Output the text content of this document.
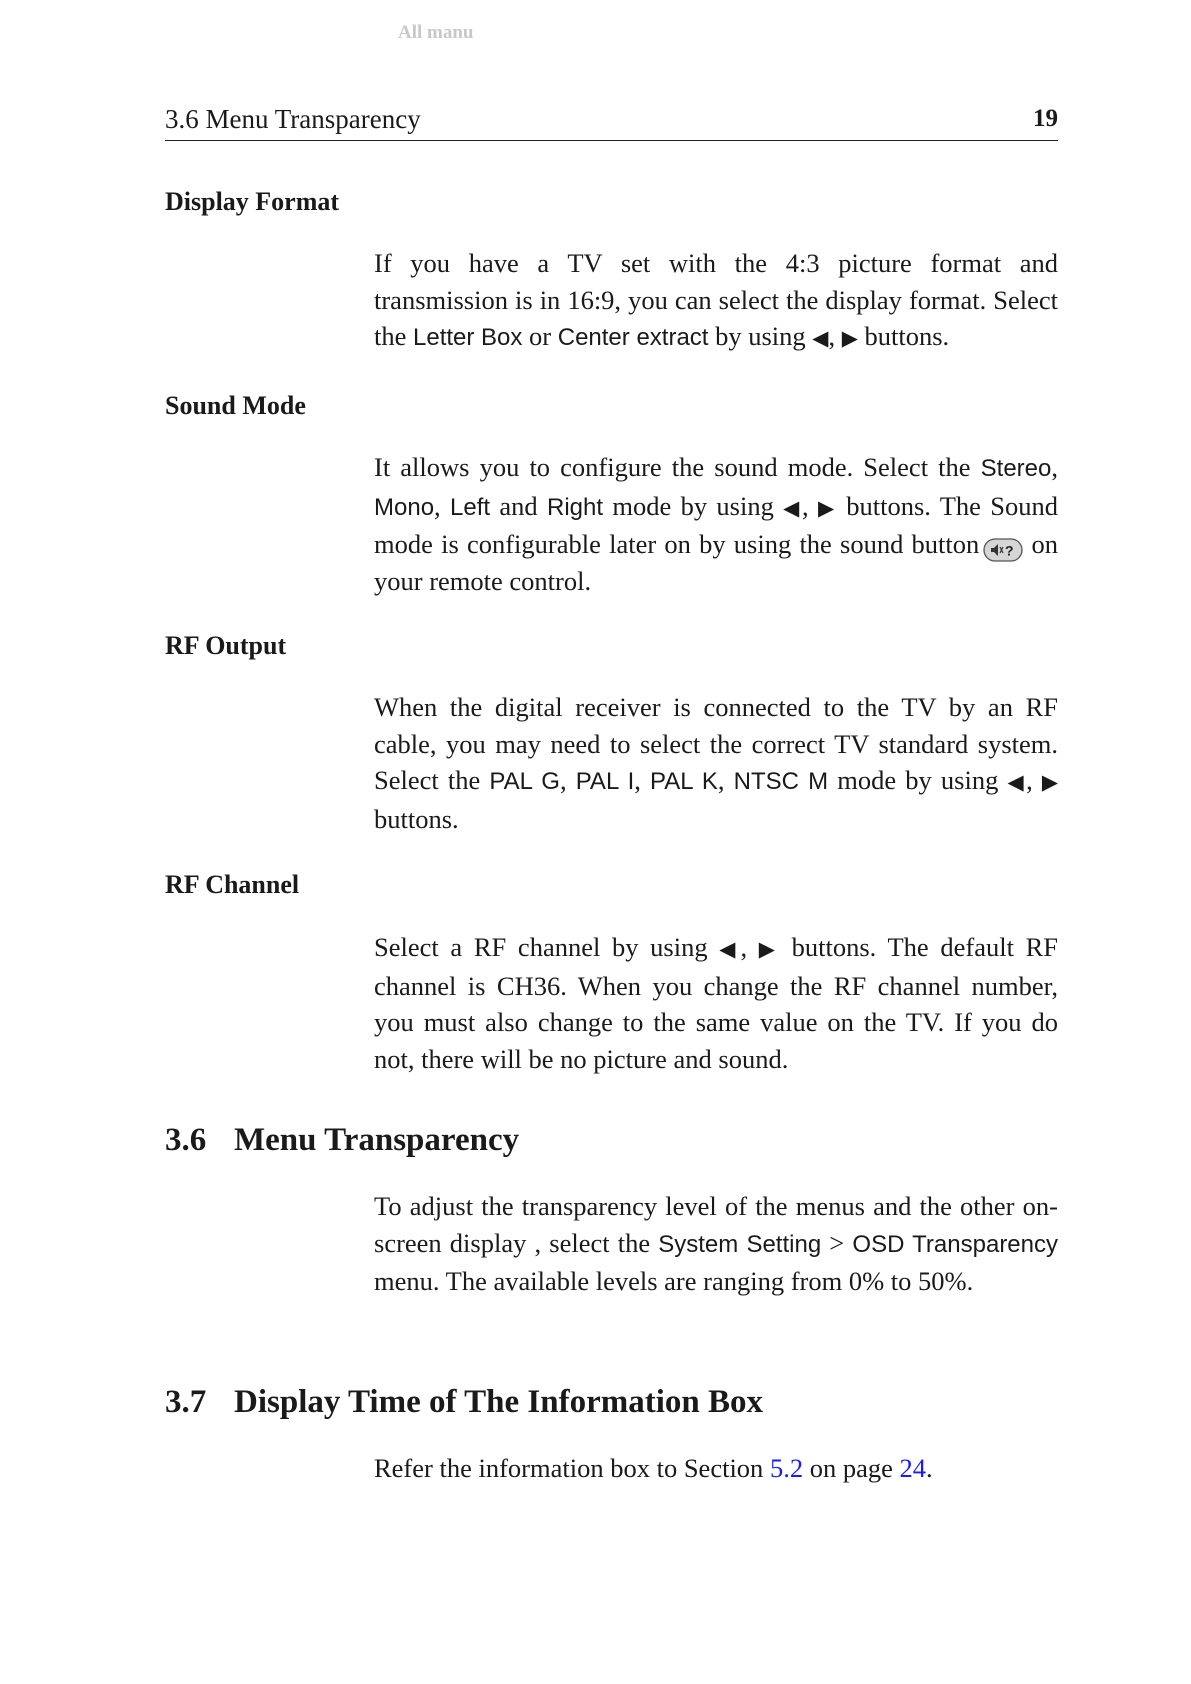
All manu
3.6 Menu Transparency	19
Display Format

If you have a TV set with the 4:3 picture format and transmission is in 16:9, you can select the display format. Select the Letter Box or Center extract by using ◀, ▶ buttons.

Sound Mode

It allows you to configure the sound mode. Select the Stereo, Mono, Left and Right mode by using ◀, ▶ buttons. The Sound mode is configurable later on by using the sound button ? on your remote control.

RF Output

When the digital receiver is connected to the TV by an RF cable, you may need to select the correct TV standard system. Select the PAL G, PAL I, PAL K, NTSC M mode by using ◀, ▶ buttons.

RF Channel

Select a RF channel by using ◀, ▶ buttons. The default RF channel is CH36. When you change the RF channel number, you must also change to the same value on the TV. If you do not, there will be no picture and sound.

3.6 Menu Transparency

To adjust the transparency level of the menus and the other on-screen display , select the System Setting > OSD Transparency menu. The available levels are ranging from 0% to 50%.

3.7 Display Time of The Information Box

Refer the information box to Section 5.2 on page 24.
